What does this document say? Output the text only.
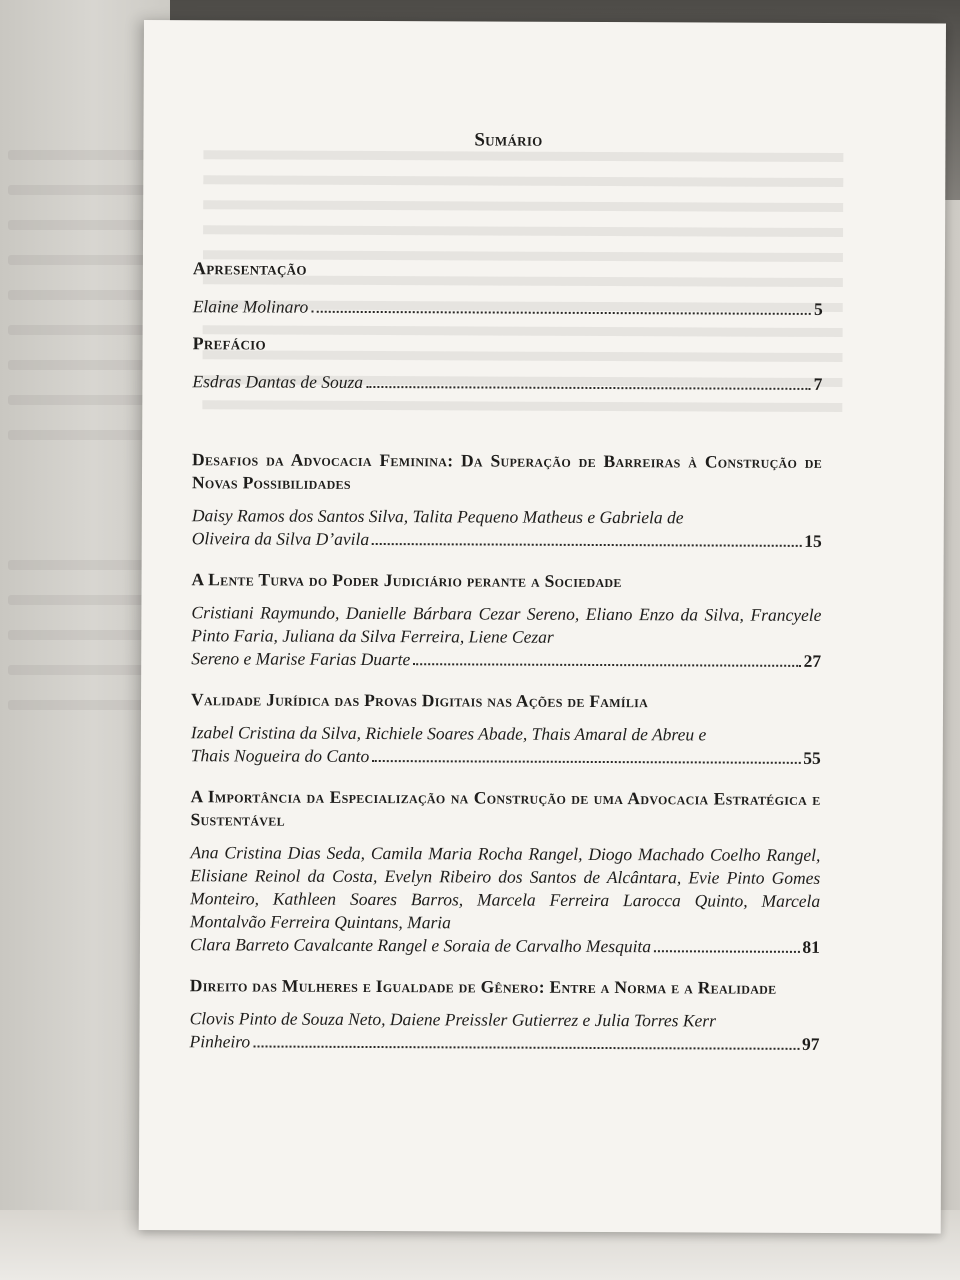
Sumário
Apresentação
Elaine Molinaro	5
Prefácio
Esdras Dantas de Souza	7
Desafios da Advocacia Feminina: Da Superação de Barreiras à Construção de Novas Possibilidades

Daisy Ramos dos Santos Silva, Talita Pequeno Matheus e Gabriela de

Oliveira da Silva D’avila	15
A Lente Turva do Poder Judiciário perante a Sociedade

Cristiani Raymundo, Danielle Bárbara Cezar Sereno, Eliano Enzo da Silva, Francyele Pinto Faria, Juliana da Silva Ferreira, Liene Cezar

Sereno e Marise Farias Duarte	27
Validade Jurídica das Provas Digitais nas Ações de Família

Izabel Cristina da Silva, Richiele Soares Abade, Thais Amaral de Abreu e

Thais Nogueira do Canto	55
A Importância da Especialização na Construção de uma Advocacia Estratégica e Sustentável

Ana Cristina Dias Seda, Camila Maria Rocha Rangel, Diogo Machado Coelho Rangel, Elisiane Reinol da Costa, Evelyn Ribeiro dos Santos de Alcântara, Evie Pinto Gomes Monteiro, Kathleen Soares Barros, Marcela Ferreira Larocca Quinto, Marcela Montalvão Ferreira Quintans, Maria

Clara Barreto Cavalcante Rangel e Soraia de Carvalho Mesquita	81
Direito das Mulheres e Igualdade de Gênero: Entre a Norma e a Realidade

Clovis Pinto de Souza Neto, Daiene Preissler Gutierrez e Julia Torres Kerr

Pinheiro	97
